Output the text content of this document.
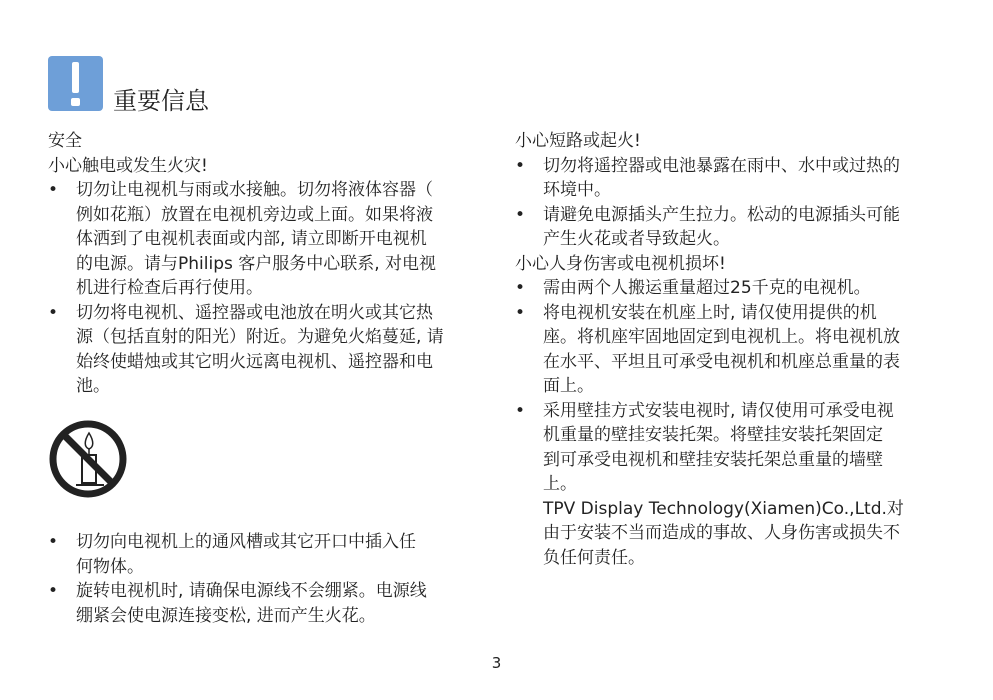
重要信息
安全
小心触电或发生火灾!
•	切勿让电视机与雨或水接触。切勿将液体容器（
例如花瓶）放置在电视机旁边或上面。如果将液
体洒到了电视机表面或内部, 请立即断开电视机
的电源。请与Philips 客户服务中心联系, 对电视
机进行检查后再行使用。
•	切勿将电视机、遥控器或电池放在明火或其它热
源（包括直射的阳光）附近。为避免火焰蔓延, 请
始终使蜡烛或其它明火远离电视机、遥控器和电
池。
•	切勿向电视机上的通风槽或其它开口中插入任
何物体。
•	旋转电视机时, 请确保电源线不会绷紧。电源线
绷紧会使电源连接变松, 进而产生火花。
小心短路或起火!
•	切勿将遥控器或电池暴露在雨中、水中或过热的
环境中。
•	请避免电源插头产生拉力。松动的电源插头可能
产生火花或者导致起火。
小心人身伤害或电视机损坏!
•	需由两个人搬运重量超过25千克的电视机。
•	将电视机安装在机座上时, 请仅使用提供的机
座。将机座牢固地固定到电视机上。将电视机放
在水平、平坦且可承受电视机和机座总重量的表
面上。
•	采用壁挂方式安装电视时, 请仅使用可承受电视
机重量的壁挂安装托架。将壁挂安装托架固定
到可承受电视机和壁挂安装托架总重量的墙壁
上。
TPV Display Technology(Xiamen)Co.,Ltd.对
由于安装不当而造成的事故、人身伤害或损失不
负任何责任。
3
